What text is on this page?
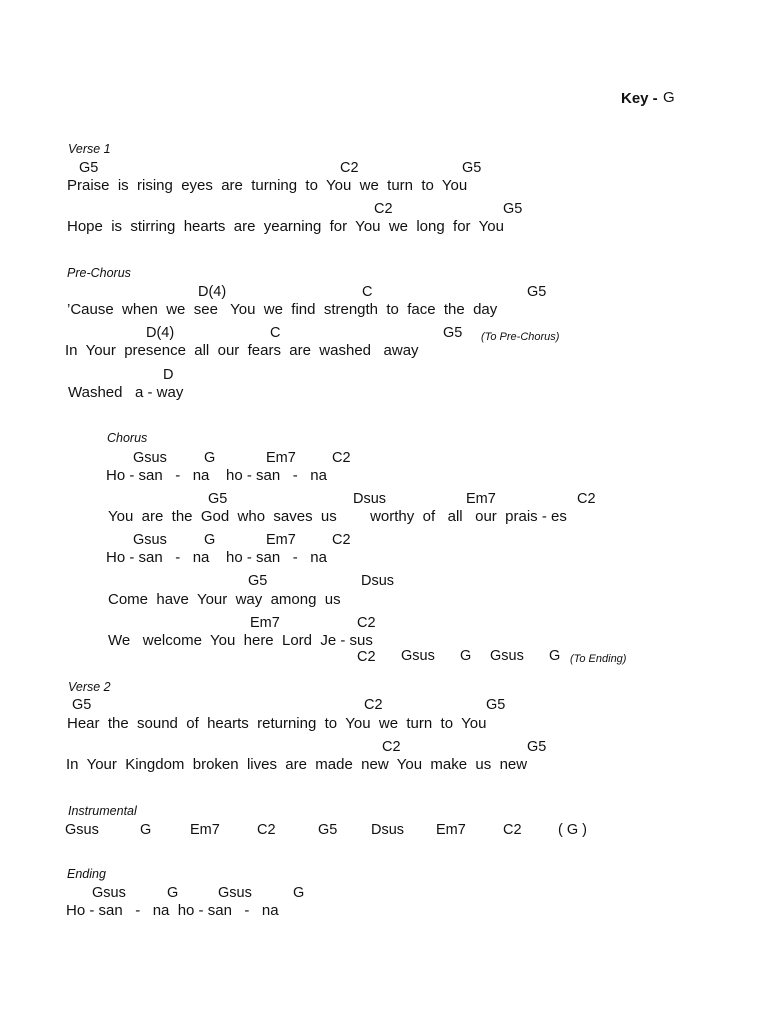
Key - G
Verse 1
G5	C2	G5
Praise  is  rising  eyes  are  turning  to  You  we  turn  to  You
C2	G5
Hope  is  stirring  hearts  are  yearning  for  You  we  long  for  You
Pre-Chorus
D(4)	C	G5
’Cause  when  we  see   You  we  find  strength  to  face  the  day
D(4)	C	G5 (To Pre-Chorus)
In  Your  presence  all  our  fears  are  washed   away
D
Washed   a - way
Chorus
Gsus	G	Em7 C2
Ho - san   -   na    ho - san   -   na
G5	Dsus	Em7	C2
You  are  the  God  who  saves  us        worthy  of   all   our  prais - es
Gsus	G	Em7 C2
Ho - san   -   na    ho - san   -   na
G5	Dsus
Come  have  Your  way  among  us
Em7	C2
We   welcome  You  here  Lord  Je - sus
C2 Gsus G Gsus G (To Ending)
Verse 2
G5	C2	G5
Hear  the  sound  of  hearts  returning  to  You  we  turn  to  You
C2	G5
In  Your  Kingdom  broken  lives  are  made  new  You  make  us  new
Instrumental
Gsus	G	Em7	C2	G5 Dsus Em7	C2	( G )
Ending
Gsus	G	Gsus	G
Ho - san   -   na  ho - san   -   na
